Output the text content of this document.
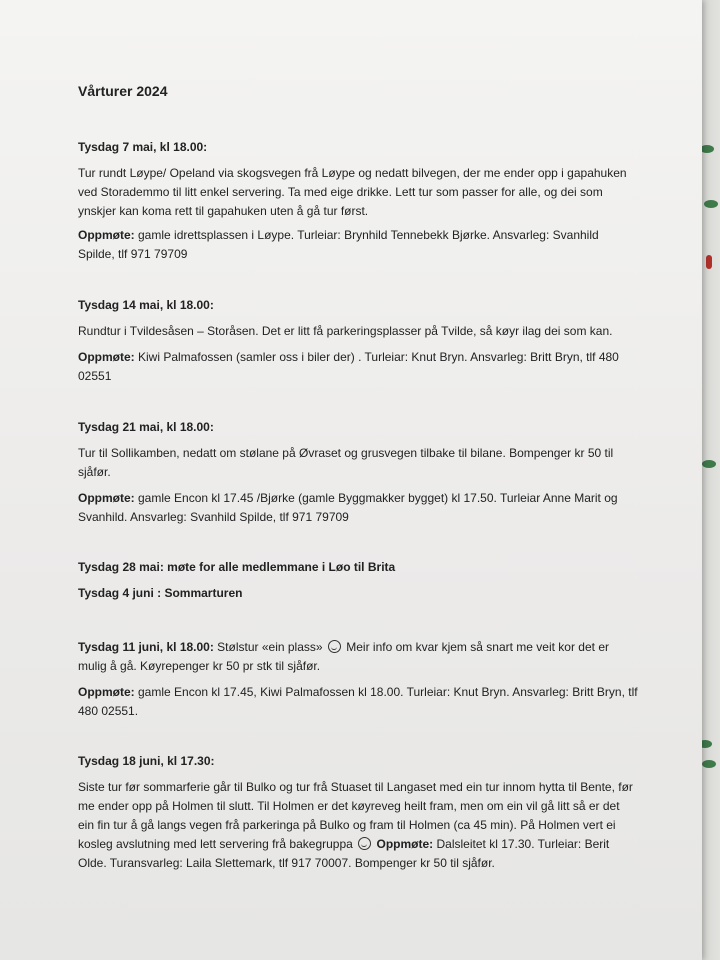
Vårturer 2024

Tysdag 7 mai, kl 18.00:

Tur rundt Løype/ Opeland via skogsvegen frå Løype og nedatt bilvegen, der me ender opp i gapahuken ved Storademmo til litt enkel servering. Ta med eige drikke. Lett tur som passer for alle, og dei som ynskjer kan koma rett til gapahuken uten å gå tur først.

Oppmøte: gamle idrettsplassen i Løype. Turleiar: Brynhild Tennebekk Bjørke. Ansvarleg: Svanhild Spilde, tlf 971 79709

Tysdag 14 mai, kl 18.00:

Rundtur i Tvildesåsen – Storåsen. Det er litt få parkeringsplasser på Tvilde, så køyr ilag dei som kan.

Oppmøte: Kiwi Palmafossen (samler oss i biler der) . Turleiar: Knut Bryn. Ansvarleg: Britt Bryn, tlf 480 02551

Tysdag 21 mai, kl 18.00:

Tur til Sollikamben, nedatt om stølane på Øvraset og grusvegen tilbake til bilane. Bompenger kr 50 til sjåfør.

Oppmøte: gamle Encon kl 17.45 /Bjørke (gamle Byggmakker bygget) kl 17.50. Turleiar Anne Marit og Svanhild. Ansvarleg: Svanhild Spilde, tlf 971 79709

Tysdag 28 mai: møte for alle medlemmane i Løo til Brita

Tysdag 4 juni : Sommarturen

Tysdag 11 juni, kl 18.00: Stølstur «ein plass»  Meir info om kvar kjem så snart me veit kor det er mulig å gå. Køyrepenger kr 50 pr stk til sjåfør.

Oppmøte: gamle Encon kl 17.45, Kiwi Palmafossen kl 18.00. Turleiar: Knut Bryn. Ansvarleg: Britt Bryn, tlf 480 02551.

Tysdag 18 juni, kl 17.30:

Siste tur før sommarferie går til Bulko og tur frå Stuaset til Langaset med ein tur innom hytta til Bente, før me ender opp på Holmen til slutt. Til Holmen er det køyreveg heilt fram, men om ein vil gå litt så er det ein fin tur å gå langs vegen frå parkeringa på Bulko og fram til Holmen (ca 45 min). På Holmen vert ei kosleg avslutning med lett servering frå bakegruppa  Oppmøte: Dalsleitet kl 17.30. Turleiar: Berit Olde. Turansvarleg: Laila Slettemark, tlf 917 70007. Bompenger kr 50 til sjåfør.
